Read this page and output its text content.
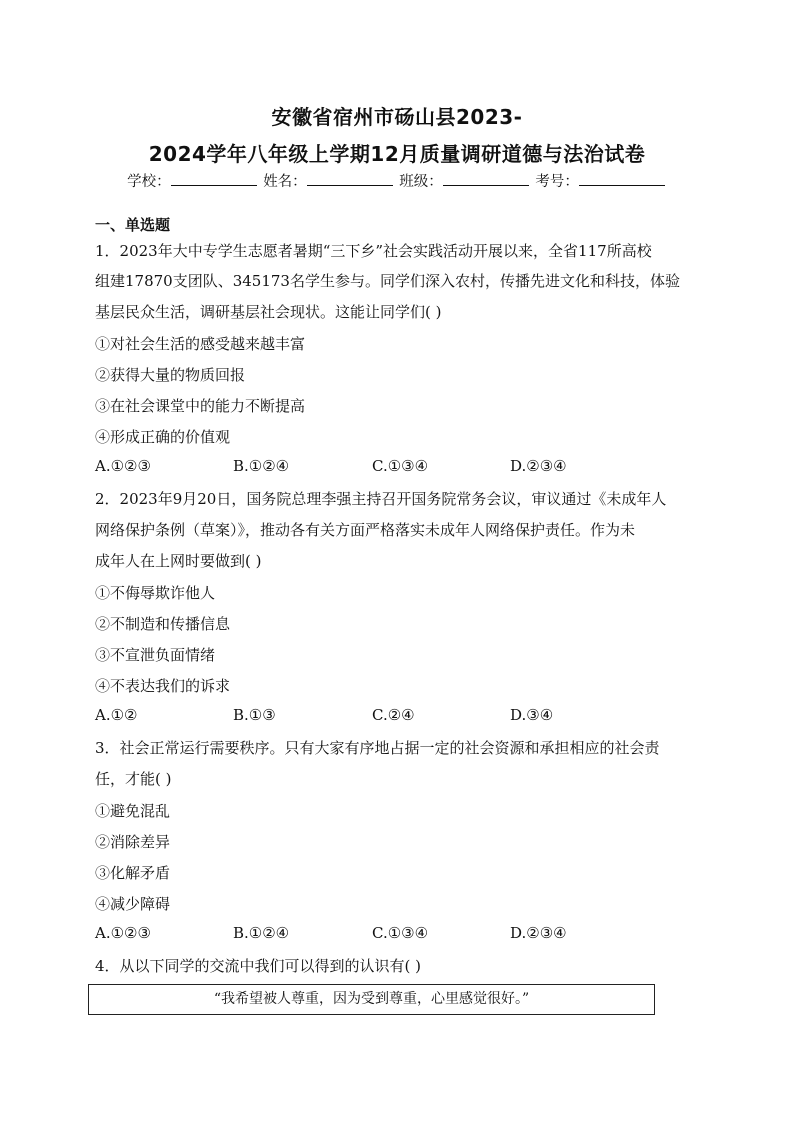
安徽省宿州市砀山县2023-
2024学年八年级上学期12月质量调研道德与法治试卷
学校：	姓名：	班级：	考号：
一、单选题
1．2023年大中专学生志愿者暑期“三下乡”社会实践活动开展以来，全省117所高校
组建17870支团队、345173名学生参与。同学们深入农村，传播先进文化和科技，体验
基层民众生活，调研基层社会现状。这能让同学们( )
①对社会生活的感受越来越丰富
②获得大量的物质回报
③在社会课堂中的能力不断提高
④形成正确的价值观
A.①②③	B.①②④	C.①③④	D.②③④
2．2023年9月20日，国务院总理李强主持召开国务院常务会议，审议通过《未成年人
网络保护条例（草案）》，推动各有关方面严格落实未成年人网络保护责任。作为未
成年人在上网时要做到( )
①不侮辱欺诈他人
②不制造和传播信息
③不宣泄负面情绪
④不表达我们的诉求
A.①②	B.①③	C.②④	D.③④
3．社会正常运行需要秩序。只有大家有序地占据一定的社会资源和承担相应的社会责
任，才能( )
①避免混乱
②消除差异
③化解矛盾
④减少障碍
A.①②③	B.①②④	C.①③④	D.②③④
4．从以下同学的交流中我们可以得到的认识有( )
“我希望被人尊重，因为受到尊重，心里感觉很好。”
